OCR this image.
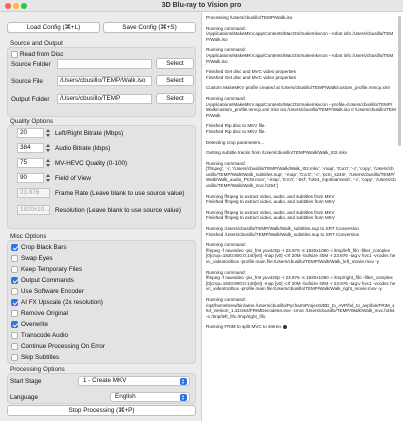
3D Blu-ray to Vision pro
Load Config (⌘+L)	Save Config (⌘+S)
Source and Output
Read from Disc
Source Folder	Select
Source File	/Users/cbusillo/TEMP/Walk.iso	Select
Output Folder	/Users/cbusillo/TEMP	Select
Quality Options
20	Left/Right Bitrate (Mbps)
384	Audio Bitrate (kbps)
75	MV-HEVC Quality (0-100)
90	Field of View
23.976	Frame Rate (Leave blank to use source value)
1920x10... Resolution (Leave blank to use source value)
Misc Options
Crop Black Bars
Swap Eyes
Keep Temporary Files
Output Commands
Use Software Encoder
AI FX Upscale (2x resolution)
Remove Original
Overwrite
Transcode Audio
Continue Processing On Error
Skip Subtitles
Processing Options
Start Stage	1 - Create MKV
Language	English
Stop Processing (⌘+P)

Processing /Users/cbusillo/TEMP/Walk.iso

Running command:
/Applications/MakeMKV.app/Contents/MacOS/makemkvcon --robot info /Users/cbusillo/TEMP/Walk.iso

Running command:
/Applications/MakeMKV.app/Contents/MacOS/makemkvcon --robot info /Users/cbusillo/TEMP/Walk.iso

Finished Get disc and MVC video properties
Finished Get disc and MVC video properties

Custom MakeMKV profile created at /Users/cbusillo/TEMP/Walk/custom_profile.mmcp.xml

Running command:
/Applications/MakeMKV.app/Contents/MacOS/makemkvcon --profile=/Users/cbusillo/TEMP/Walk/custom_profile.mmcp.xml mkv iso:/Users/cbusillo/TEMP/Walk.iso 0 /Users/cbusillo/TEMP/Walk

Finished Rip disc to MKV file.
Finished Rip disc to MKV file.

Detecting crop parameters...

Getting subtitle tracks from /Users/cbusillo/TEMP/Walk/Walk_t02.mkv

Running command:
['ffmpeg', '-i', '/Users/cbusillo/TEMP/Walk/Walk_t02.mkv', '-map', '0:a:0', '-c', 'copy', '/Users/cbusillo/TEMP/Walk/Walk_subtitles.sup', '-map', '0:a:0', '-c', 'pcm_s24le', '/Users/cbusillo/TEMP/Walk/Walk_audio_PCM.mov', '-map', '0:v:0', '-bsf', 'h264_mp4toannexb', '-c', 'copy', '/Users/cbusillo/TEMP/Walk/Walk_mvc.h264']

Running ffmpeg to extract video, audio, and subtitles from MKV
Finished ffmpeg to extract video, audio, and subtitles from MKV

Running ffmpeg to extract video, audio, and subtitles from MKV
Finished ffmpeg to extract video, audio, and subtitles from MKV

Running /Users/cbusillo/TEMP/Walk/Walk_subtitles.sup to SRT Conversion
Finished /Users/cbusillo/TEMP/Walk/Walk_subtitles.sup to SRT Conversion

Running command:
ffmpeg -f rawvideo -pix_fmt yuv420p -r 23.976 -s 1920x1080 -i /tmp/left_fifo -filter_complex [0]crop=1920:800:0:140[v0] -map [v0] -crf 20M -bufsize 40M -r 23.976 -tag:v hvc1 -vcodec hevc_videotoolbox -profile main file:/Users/cbusillo/TEMP/Walk/Walk_left_movie.mov -y

Running command:
ffmpeg -f rawvideo -pix_fmt yuv420p -r 23.976 -s 1920x1080 -i /tmp/right_fifo -filter_complex [0]crop=1920:800:0:140[v0] -map [v0] -crf 20M -bufsize 40M -r 23.976 -tag:v hvc1 -vcodec hevc_videotoolbox -profile main file:/Users/cbusillo/TEMP/Walk/Walk_right_movie.mov -y

Running command:
/opt/homebrew/bin/wine /Users/cbusillo/PycharmProjects/BD_to_AVP/bd_to_avp/bin/FRIM_x64_version_1.31/x64/FRIMDecode64.exe -cmvc /Users/cbusillo/TEMP/Walk/Walk_mvc.h264 -o /tmp/left_fifo /tmp/right_fifo

Running FRIM to split MVC to stereo.
